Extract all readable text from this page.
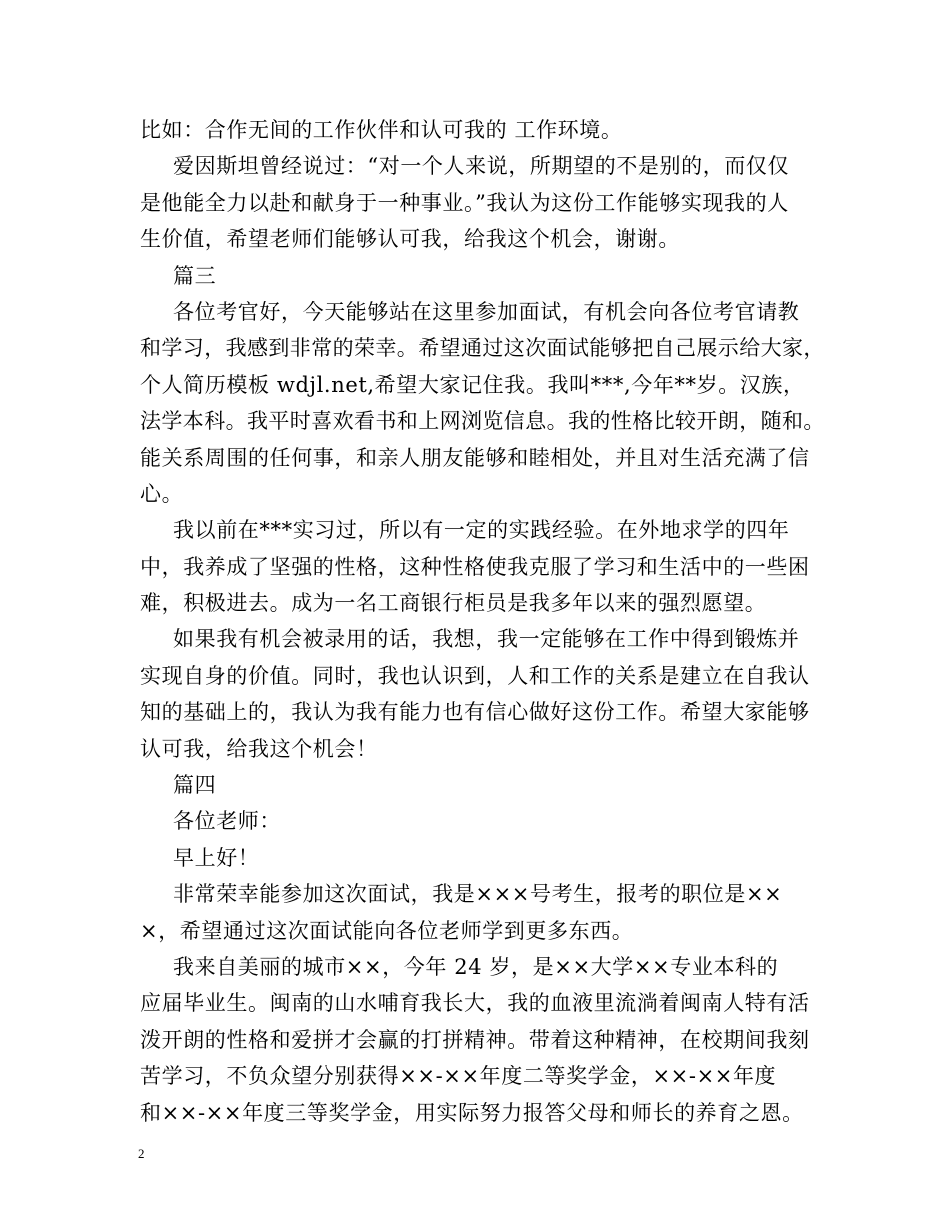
比如：合作无间的工作伙伴和认可我的 工作环境。
爱因斯坦曾经说过：“对一个人来说，所期望的不是别的，而仅仅
是他能全力以赴和献身于一种事业。”我认为这份工作能够实现我的人
生价值，希望老师们能够认可我，给我这个机会，谢谢。
篇三
各位考官好，今天能够站在这里参加面试，有机会向各位考官请教
和学习，我感到非常的荣幸。希望通过这次面试能够把自己展示给大家，
个人简历模板 wdjl.net,希望大家记住我。我叫***,今年**岁。汉族，
法学本科。我平时喜欢看书和上网浏览信息。我的性格比较开朗，随和。
能关系周围的任何事，和亲人朋友能够和睦相处，并且对生活充满了信
心。
我以前在***实习过，所以有一定的实践经验。在外地求学的四年
中，我养成了坚强的性格，这种性格使我克服了学习和生活中的一些困
难，积极进去。成为一名工商银行柜员是我多年以来的强烈愿望。
如果我有机会被录用的话，我想，我一定能够在工作中得到锻炼并
实现自身的价值。同时，我也认识到，人和工作的关系是建立在自我认
知的基础上的，我认为我有能力也有信心做好这份工作。希望大家能够
认可我，给我这个机会！
篇四
各位老师：
早上好！
非常荣幸能参加这次面试，我是×××号考生，报考的职位是××
×，希望通过这次面试能向各位老师学到更多东西。
我来自美丽的城市××，今年 24 岁，是××大学××专业本科的
应届毕业生。闽南的山水哺育我长大，我的血液里流淌着闽南人特有活
泼开朗的性格和爱拼才会赢的打拼精神。带着这种精神，在校期间我刻
苦学习，不负众望分别获得××-××年度二等奖学金，××-××年度
和××-××年度三等奖学金，用实际努力报答父母和师长的养育之恩。
2
